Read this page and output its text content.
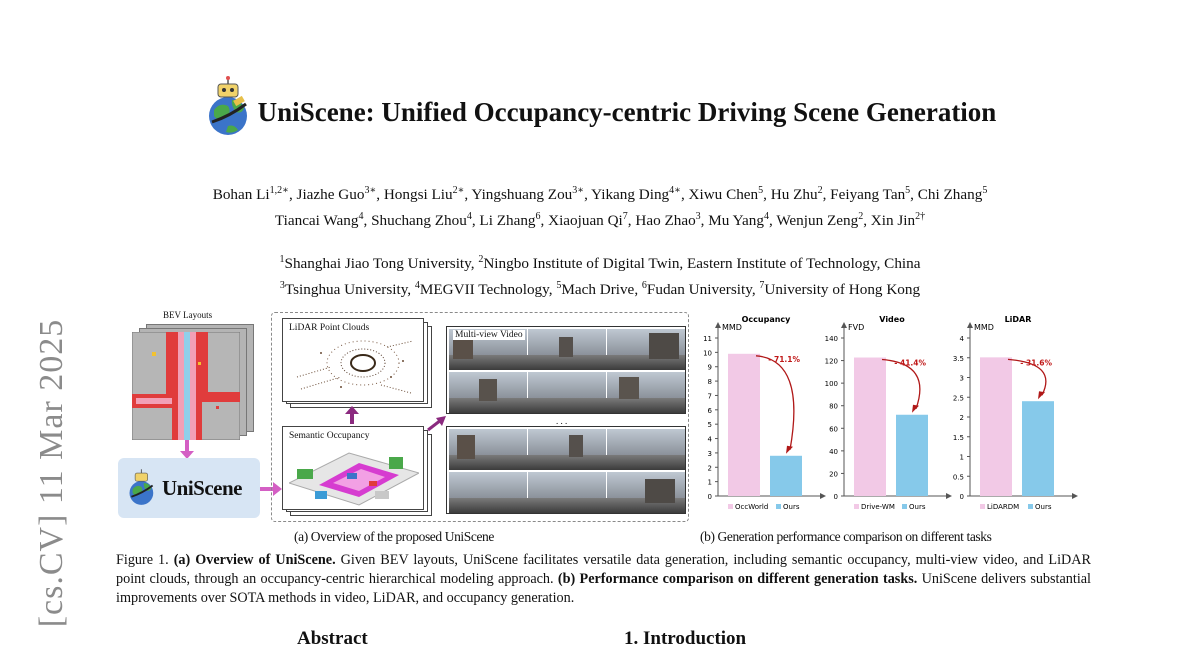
[cs.CV] 11 Mar 2025
UniScene: Unified Occupancy-centric Driving Scene Generation
Bohan $Li^{1,2∗}$, Jiazhe Guo$^{3∗}$, Hongsi Liu$^{2∗}$, Yingshuang Zou$^{3∗}$, Yikang Ding$^{4∗}$, Xiwu Chen$^5$, Hu Zhu$^2$, Feiyang Tan$^5$, Chi Zhang$^5$
Tiancai Wang$^4$, Shuchang Zhou$^4$, Li Zhang$^6$, Xiaojuan Qi$^7$, Hao Zhao$^3$, Mu Yang$^4$, Wenjun Zeng$^2$, Xin Jin$^{2\dagger}$
$^1$Shanghai Jiao Tong University, $^2$Ningbo Institute of Digital Twin, Eastern Institute of Technology, China
$^3$Tsinghua University, $^4$MEGVII Technology, $^5$Mach Drive, $^6$Fudan University, $^7$University of Hong Kong
BEV Layouts
UniScene
LiDAR Point Clouds
Semantic Occupancy
Multi-view Video
. . .
Occupancy
MMD
0
1
2
3
4
5
6
7
8
9
10
11
- 71.1%
OccWorld Ours
Video
FVD
0
20
40
60
80
100
120
140
- 41.4%
Drive-WM Ours
LiDAR
MMD
0
0.5
1
1.5
2
2.5
3
3.5
4
- 31.6%
LiDARDM Ours
(a) Overview of the proposed UniScene	(b) Generation performance comparison on different tasks
Figure 1. (a) Overview of UniScene. Given BEV layouts, UniScene facilitates versatile data generation, including semantic occupancy, multi-view video, and LiDAR point clouds, through an occupancy-centric hierarchical modeling approach. (b) Performance comparison on different generation tasks. UniScene delivers substantial improvements over SOTA methods in video, LiDAR, and occupancy generation.
Abstract	1. Introduction
